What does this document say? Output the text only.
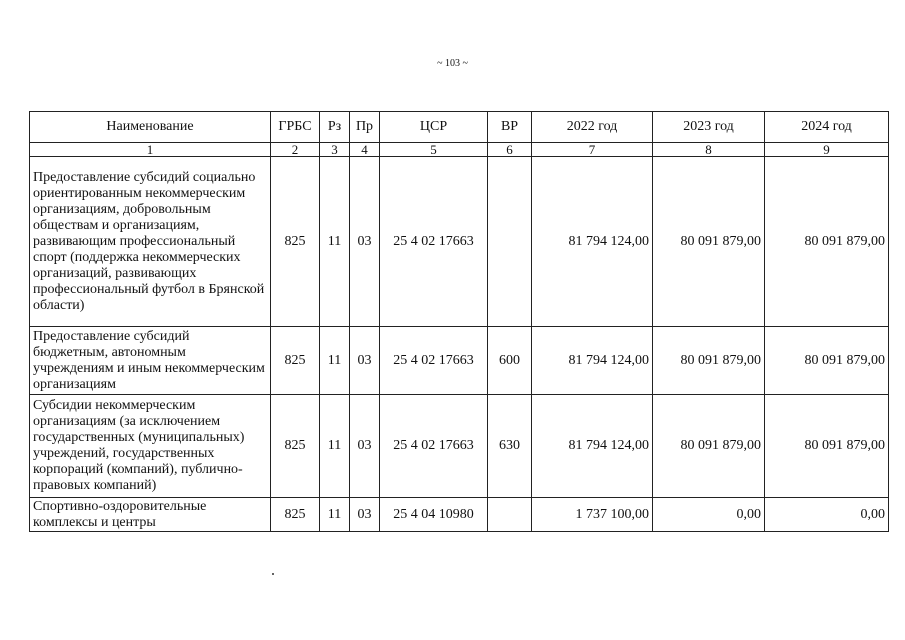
~ 103 ~
Наименование	ГРБС	Рз	Пр	ЦСР	ВР	2022 год	2023 год	2024 год
1	2	3	4	5	6	7	8	9
Предоставление субсидий социально ориентированным некоммерческим организациям, добровольным обществам и организациям, развивающим профессиональный спорт (поддержка некоммерческих организаций, развивающих профессиональный футбол в Брянской области)	825	11	03	25 4 02 17663		81 794 124,00	80 091 879,00	80 091 879,00
Предоставление субсидий бюджетным, автономным учреждениям и иным некоммерческим организациям	825	11	03	25 4 02 17663	600	81 794 124,00	80 091 879,00	80 091 879,00
Субсидии некоммерческим организациям (за исключением государственных (муниципальных) учреждений, государственных корпораций (компаний), публично-правовых компаний)	825	11	03	25 4 02 17663	630	81 794 124,00	80 091 879,00	80 091 879,00
Спортивно-оздоровительные комплексы и центры	825	11	03	25 4 04 10980		1 737 100,00	0,00	0,00
